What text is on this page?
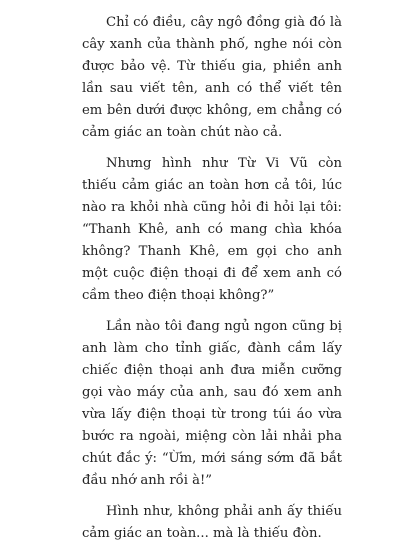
Chỉ có điều, cây ngô đồng già đó là cây xanh của thành phố, nghe nói còn được bảo vệ. Từ thiếu gia, phiền anh lần sau viết tên, anh có thể viết tên em bên dưới được không, em chẳng có cảm giác an toàn chút nào cả.

Nhưng hình như Từ Vi Vũ còn thiếu cảm giác an toàn hơn cả tôi, lúc nào ra khỏi nhà cũng hỏi đi hỏi lại tôi: “Thanh Khê, anh có mang chìa khóa không? Thanh Khê, em gọi cho anh một cuộc điện thoại đi để xem anh có cầm theo điện thoại không?”

Lần nào tôi đang ngủ ngon cũng bị anh làm cho tỉnh giấc, đành cầm lấy chiếc điện thoại anh đưa miễn cưỡng gọi vào máy của anh, sau đó xem anh vừa lấy điện thoại từ trong túi áo vừa bước ra ngoài, miệng còn lải nhải pha chút đắc ý: “Ừm, mới sáng sớm đã bắt đầu nhớ anh rồi à!”

Hình như, không phải anh ấy thiếu cảm giác an toàn... mà là thiếu đòn.
